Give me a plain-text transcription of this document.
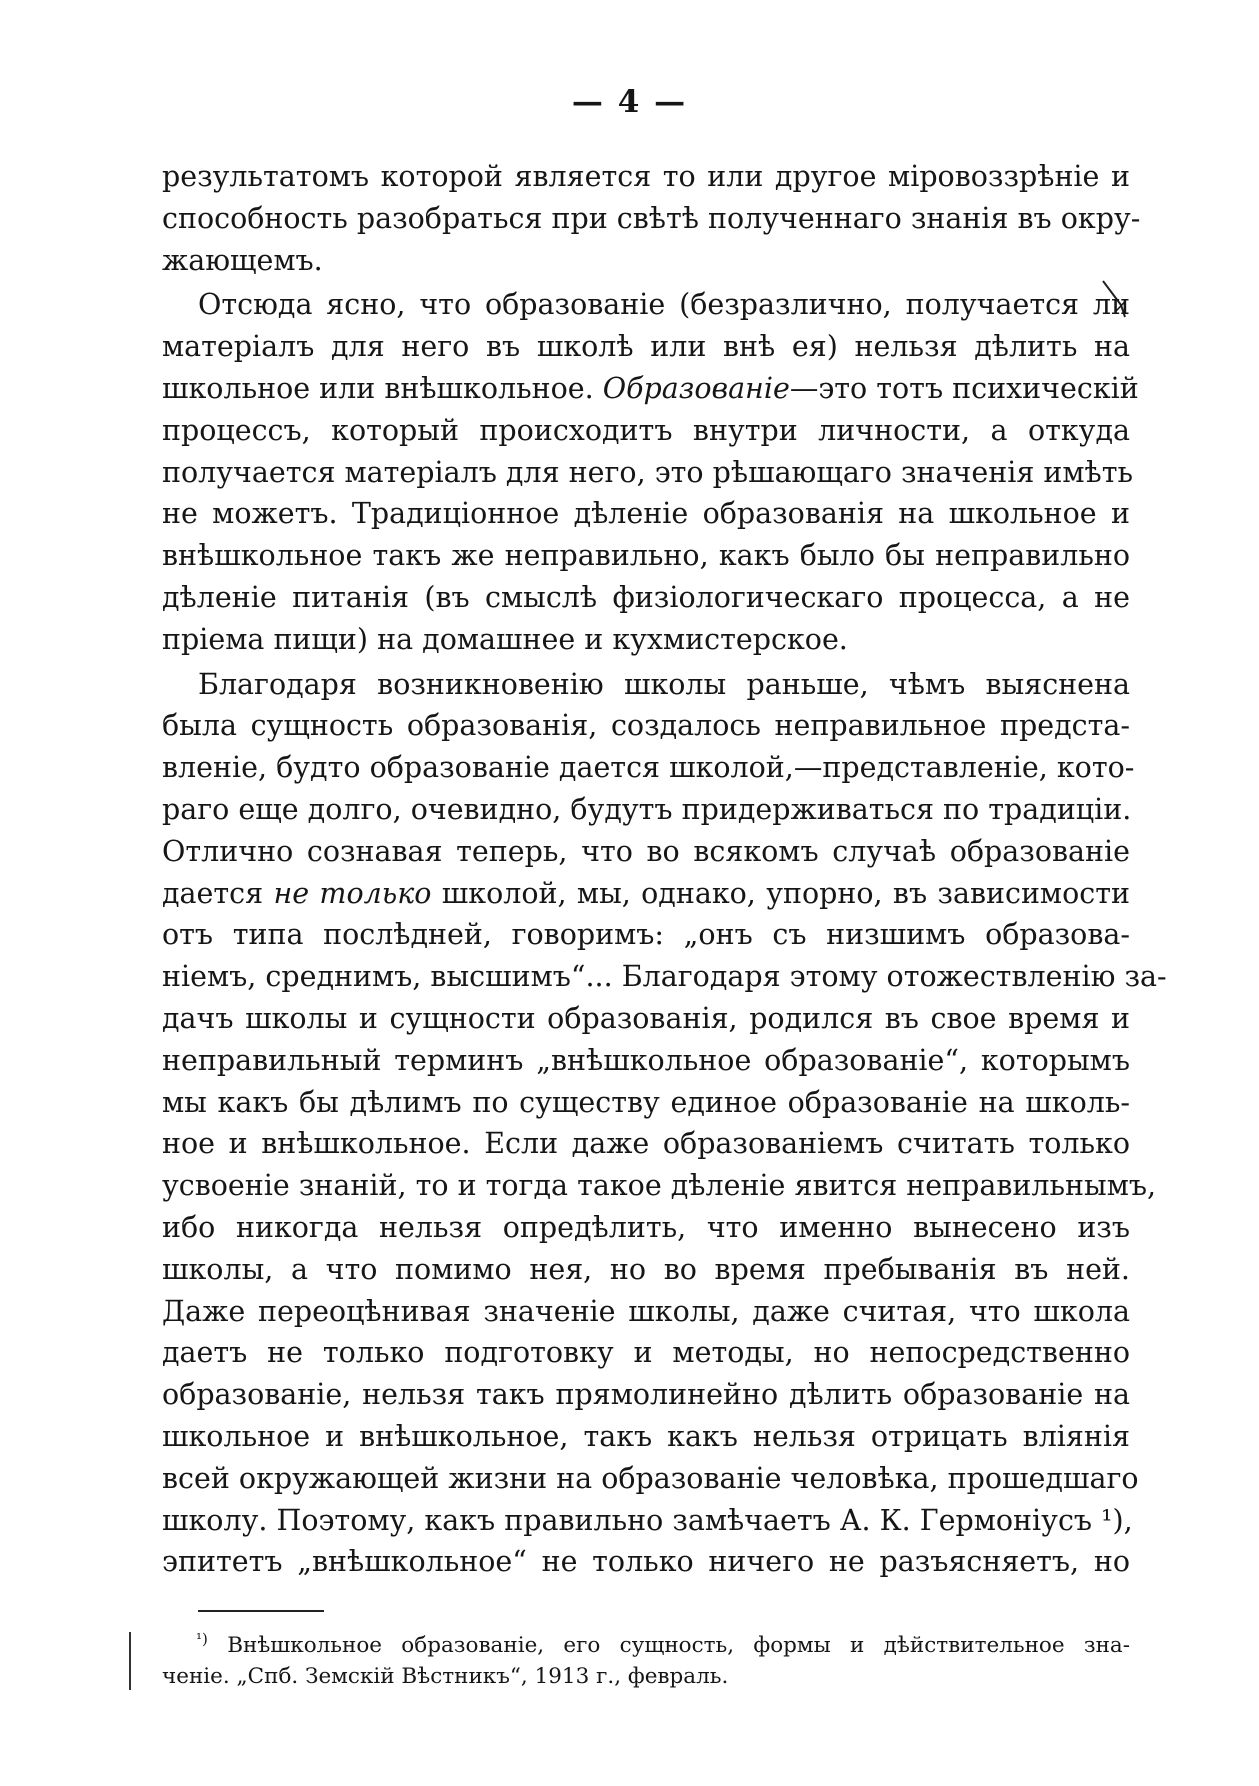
— 4 —
результатомъ которой является то или другое міровоззрѣніе и
способность разобраться при свѣтѣ полученнаго знанія въ окру-
жающемъ.
Отсюда ясно, что образованіе (безразлично, получается ли
матеріалъ для него въ школѣ или внѣ ея) нельзя дѣлить на
школьное или внѣшкольное. Образованіе—это тотъ психическій
процессъ, который происходитъ внутри личности, а откуда
получается матеріалъ для него, это рѣшающаго значенія имѣть
не можетъ. Традиціонное дѣленіе образованія на школьное и
внѣшкольное такъ же неправильно, какъ было бы неправильно
дѣленіе питанія (въ смыслѣ физіологическаго процесса, а не
пріема пищи) на домашнее и кухмистерское.
Благодаря возникновенію школы раньше, чѣмъ выяснена
была сущность образованія, создалось неправильное предста-
вленіе, будто образованіе дается школой,—представленіе, кото-
раго еще долго, очевидно, будутъ придерживаться по традиціи.
Отлично сознавая теперь, что во всякомъ случаѣ образованіе
дается не только школой, мы, однако, упорно, въ зависимости
отъ типа послѣдней, говоримъ: „онъ съ низшимъ образова-
ніемъ, среднимъ, высшимъ“... Благодаря этому отожествленію за-
дачъ школы и сущности образованія, родился въ свое время и
неправильный терминъ „внѣшкольное образованіе“, которымъ
мы какъ бы дѣлимъ по существу единое образованіе на школь-
ное и внѣшкольное. Если даже образованіемъ считать только
усвоеніе знаній, то и тогда такое дѣленіе явится неправильнымъ,
ибо никогда нельзя опредѣлить, что именно вынесено изъ
школы, а что помимо нея, но во время пребыванія въ ней.
Даже переоцѣнивая значеніе школы, даже считая, что школа
даетъ не только подготовку и методы, но непосредственно
образованіе, нельзя такъ прямолинейно дѣлить образованіе на
школьное и внѣшкольное, такъ какъ нельзя отрицать вліянія
всей окружающей жизни на образованіе человѣка, прошедшаго
школу. Поэтому, какъ правильно замѣчаетъ А. К. Гермоніусъ ¹),
эпитетъ „внѣшкольное“ не только ничего не разъясняетъ, но
$^{^1)}$ Внѣшкольное образованіе, его сущность, формы и дѣйствительное зна-
ченіе. „Спб. Земскій Вѣстникъ“, 1913 г., февраль.
